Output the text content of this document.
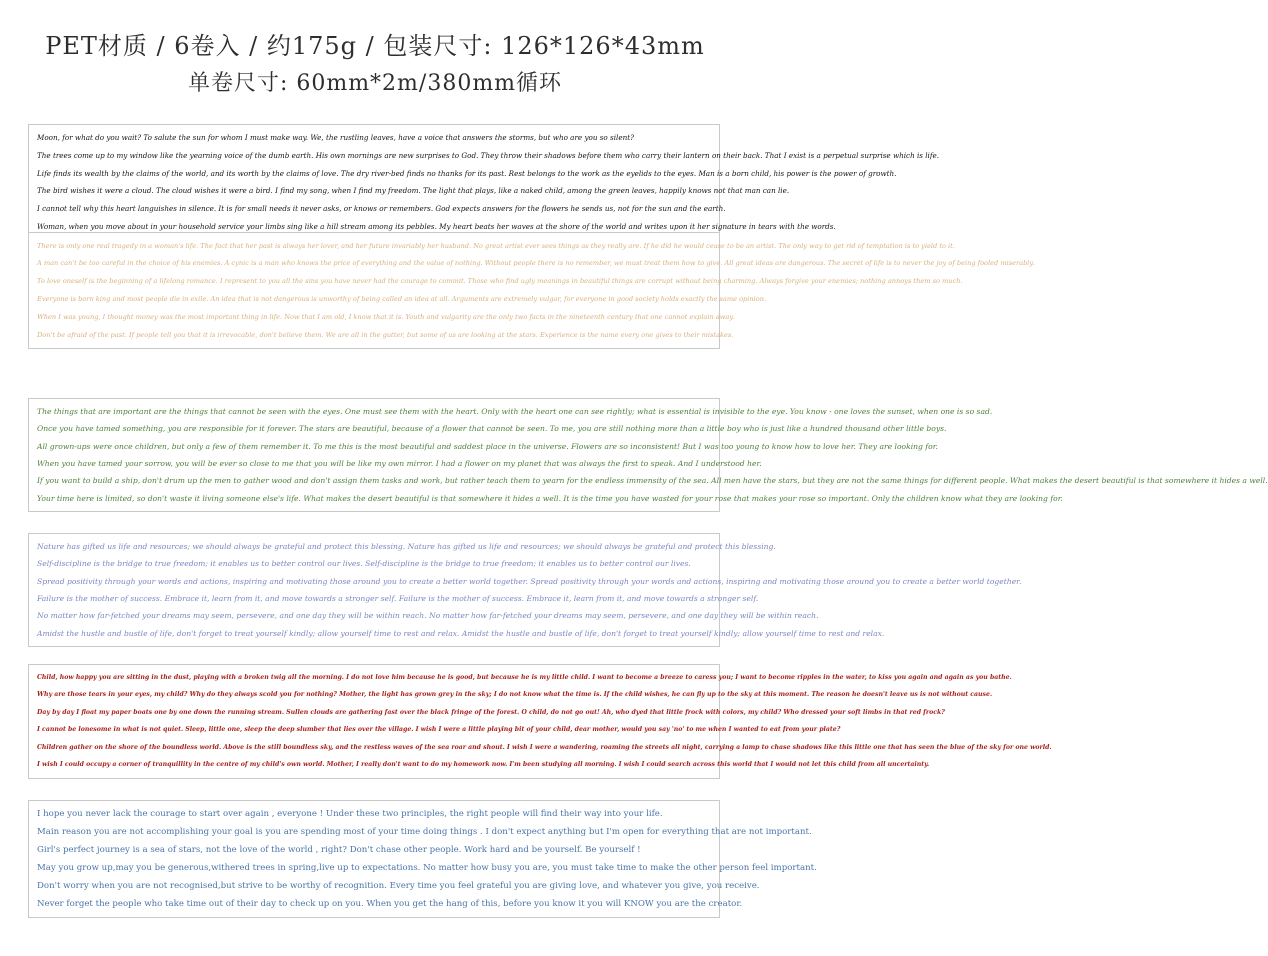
PET材质 / 6卷入 / 约175g / 包装尺寸: 126*126*43mm
单卷尺寸: 60mm*2m/380mm循环
Moon, for what do you wait? To salute the sun for whom I must make way. We, the rustling leaves, have a voice that answers the storms, but who are you so silent?
The trees come up to my window like the yearning voice of the dumb earth. His own mornings are new surprises to God. They throw their shadows before them who carry their lantern on their back. That I exist is a perpetual surprise which is life.
Life finds its wealth by the claims of the world, and its worth by the claims of love. The dry river-bed finds no thanks for its past. Rest belongs to the work as the eyelids to the eyes. Man is a born child, his power is the power of growth.
The bird wishes it were a cloud. The cloud wishes it were a bird. I find my song, when I find my freedom. The light that plays, like a naked child, among the green leaves, happily knows not that man can lie.
I cannot tell why this heart languishes in silence. It is for small needs it never asks, or knows or remembers. God expects answers for the flowers he sends us, not for the sun and the earth.
Woman, when you move about in your household service your limbs sing like a hill stream among its pebbles. My heart beats her waves at the shore of the world and writes upon it her signature in tears with the words.
There is only one real tragedy in a woman's life. The fact that her past is always her lover, and her future invariably her husband. No great artist ever sees things as they really are. If he did he would cease to be an artist. The only way to get rid of temptation is to yield to it.
A man can't be too careful in the choice of his enemies. A cynic is a man who knows the price of everything and the value of nothing. Without people there is no remember, we must treat them how to give. All great ideas are dangerous. The secret of life is to never the joy of being fooled miserably.
To love oneself is the beginning of a lifelong romance. I represent to you all the sins you have never had the courage to commit. Those who find ugly meanings in beautiful things are corrupt without being charming. Always forgive your enemies; nothing annoys them so much.
Everyone is born king and most people die in exile. An idea that is not dangerous is unworthy of being called an idea at all. Arguments are extremely vulgar, for everyone in good society holds exactly the same opinion.
When I was young, I thought money was the most important thing in life. Now that I am old, I know that it is. Youth and vulgarity are the only two facts in the nineteenth century that one cannot explain away.
Don't be afraid of the past. If people tell you that it is irrevocable, don't believe them. We are all in the gutter, but some of us are looking at the stars. Experience is the name every one gives to their mistakes.
The things that are important are the things that cannot be seen with the eyes. One must see them with the heart. Only with the heart one can see rightly; what is essential is invisible to the eye. You know - one loves the sunset, when one is so sad.
Once you have tamed something, you are responsible for it forever. The stars are beautiful, because of a flower that cannot be seen. To me, you are still nothing more than a little boy who is just like a hundred thousand other little boys.
All grown-ups were once children, but only a few of them remember it. To me this is the most beautiful and saddest place in the universe. Flowers are so inconsistent! But I was too young to know how to love her. They are looking for.
When you have tamed your sorrow, you will be ever so close to me that you will be like my own mirror. I had a flower on my planet that was always the first to speak. And I understood her.
If you want to build a ship, don't drum up the men to gather wood and don't assign them tasks and work, but rather teach them to yearn for the endless immensity of the sea. All men have the stars, but they are not the same things for different people. What makes the desert beautiful is that somewhere it hides a well.
Your time here is limited, so don't waste it living someone else's life. What makes the desert beautiful is that somewhere it hides a well. It is the time you have wasted for your rose that makes your rose so important. Only the children know what they are looking for.
Nature has gifted us life and resources; we should always be grateful and protect this blessing. Nature has gifted us life and resources; we should always be grateful and protect this blessing.
Self-discipline is the bridge to true freedom; it enables us to better control our lives. Self-discipline is the bridge to true freedom; it enables us to better control our lives.
Spread positivity through your words and actions, inspiring and motivating those around you to create a better world together. Spread positivity through your words and actions, inspiring and motivating those around you to create a better world together.
Failure is the mother of success. Embrace it, learn from it, and move towards a stronger self. Failure is the mother of success. Embrace it, learn from it, and move towards a stronger self.
No matter how far-fetched your dreams may seem, persevere, and one day they will be within reach. No matter how far-fetched your dreams may seem, persevere, and one day they will be within reach.
Amidst the hustle and bustle of life, don't forget to treat yourself kindly; allow yourself time to rest and relax. Amidst the hustle and bustle of life, don't forget to treat yourself kindly; allow yourself time to rest and relax.
Child, how happy you are sitting in the dust, playing with a broken twig all the morning. I do not love him because he is good, but because he is my little child. I want to become a breeze to caress you; I want to become ripples in the water, to kiss you again and again as you bathe.
Why are those tears in your eyes, my child? Why do they always scold you for nothing? Mother, the light has grown grey in the sky; I do not know what the time is. If the child wishes, he can fly up to the sky at this moment. The reason he doesn't leave us is not without cause.
Day by day I float my paper boats one by one down the running stream. Sullen clouds are gathering fast over the black fringe of the forest. O child, do not go out! Ah, who dyed that little frock with colors, my child? Who dressed your soft limbs in that red frock?
I cannot be lonesome in what is not quiet. Sleep, little one, sleep the deep slumber that lies over the village. I wish I were a little playing bit of your child, dear mother, would you say 'no' to me when I wanted to eat from your plate?
Children gather on the shore of the boundless world. Above is the still boundless sky, and the restless waves of the sea roar and shout. I wish I were a wandering, roaming the streets all night, carrying a lamp to chase shadows like this little one that has seen the blue of the sky for one world.
I wish I could occupy a corner of tranquillity in the centre of my child's own world. Mother, I really don't want to do my homework now. I'm been studying all morning. I wish I could search across this world that I would not let this child from all uncertainty.
I hope you never lack the courage to start over again , everyone ! Under these two principles, the right people will find their way into your life.
Main reason you are not accomplishing your goal is you are spending most of your time doing things . I don't expect anything but I'm open for everything that are not important.
Girl's perfect journey is a sea of stars, not the love of the world , right? Don't chase other people. Work hard and be yourself. Be yourself !
May you grow up,may you be generous,withered trees in spring,live up to expectations. No matter how busy you are, you must take time to make the other person feel important.
Don't worry when you are not recognised,but strive to be worthy of recognition. Every time you feel grateful you are giving love, and whatever you give, you receive.
Never forget the people who take time out of their day to check up on you. When you get the hang of this, before you know it you will KNOW you are the creator.
